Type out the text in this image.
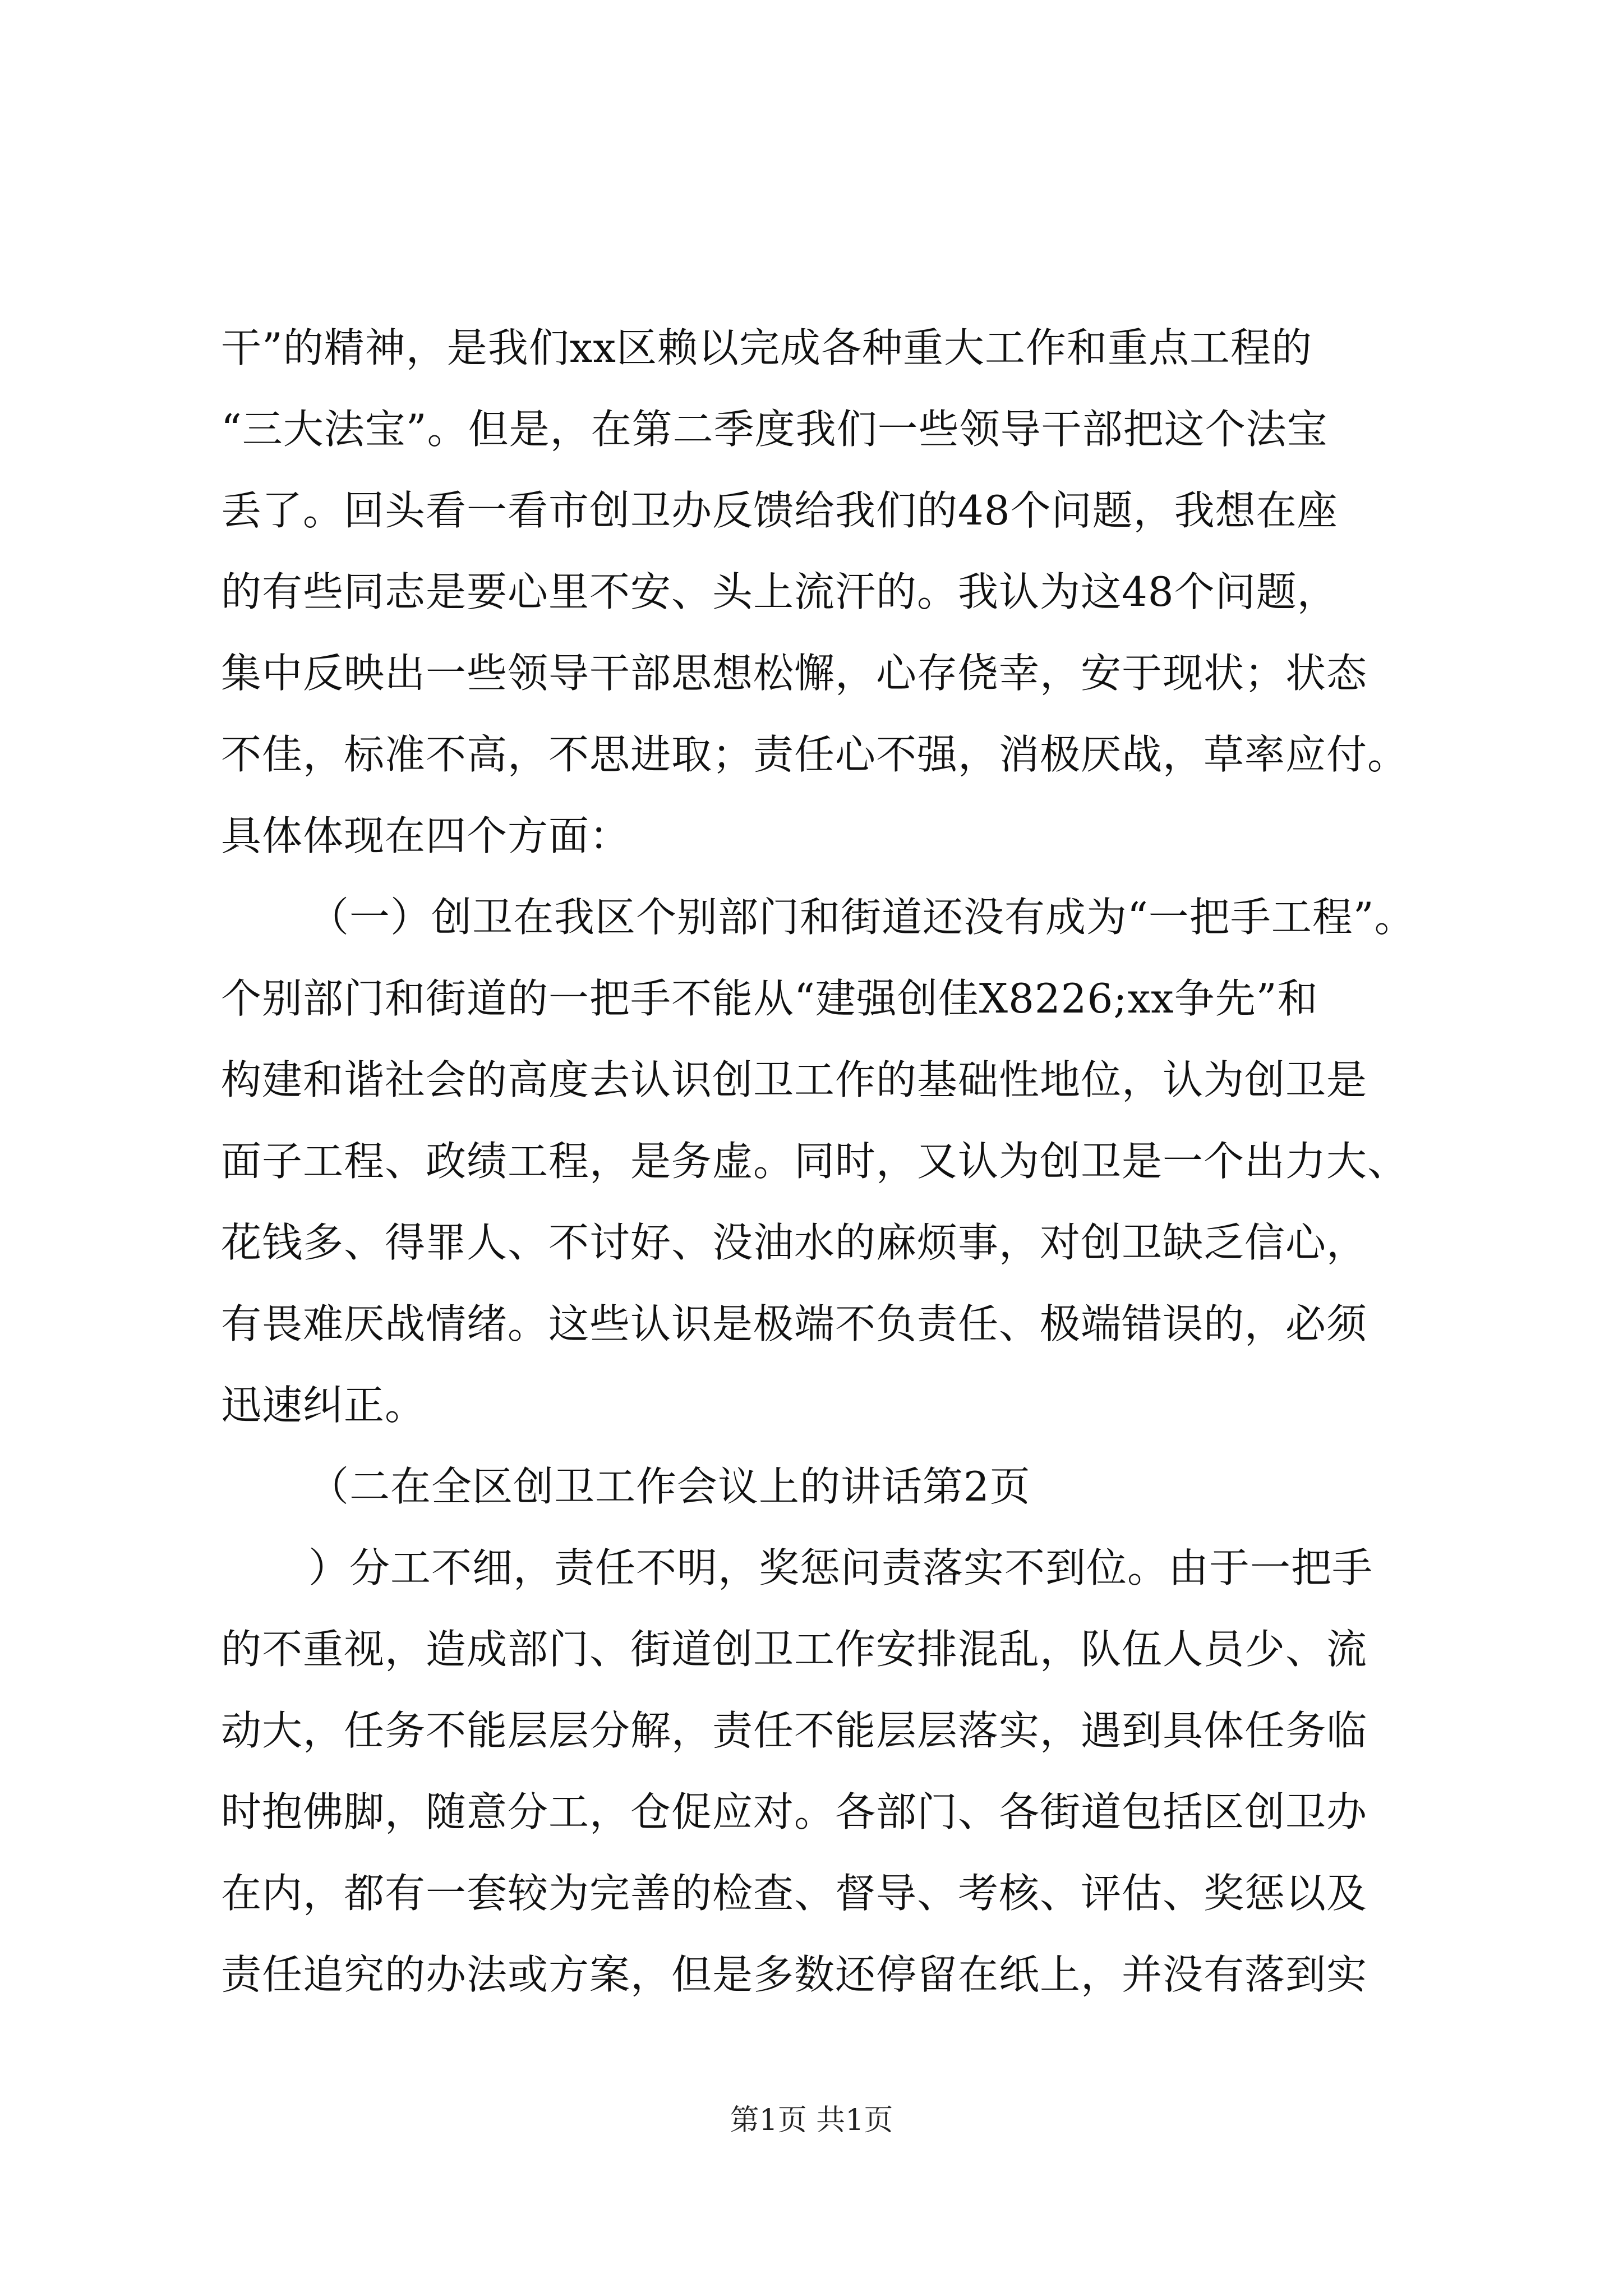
干”的精神，是我们xx区赖以完成各种重大工作和重点工程的
“三大法宝”。但是，在第二季度我们一些领导干部把这个法宝
丢了。回头看一看市创卫办反馈给我们的48个问题，我想在座
的有些同志是要心里不安、头上流汗的。我认为这48个问题，
集中反映出一些领导干部思想松懈，心存侥幸，安于现状；状态
不佳，标准不高，不思进取；责任心不强，消极厌战，草率应付。
具体体现在四个方面：
（一）创卫在我区个别部门和街道还没有成为“一把手工程”。
个别部门和街道的一把手不能从“建强创佳X8226;xx争先”和
构建和谐社会的高度去认识创卫工作的基础性地位，认为创卫是
面子工程、政绩工程，是务虚。同时，又认为创卫是一个出力大、
花钱多、得罪人、不讨好、没油水的麻烦事，对创卫缺乏信心，
有畏难厌战情绪。这些认识是极端不负责任、极端错误的，必须
迅速纠正。
（二在全区创卫工作会议上的讲话第2页
）分工不细，责任不明，奖惩问责落实不到位。由于一把手
的不重视，造成部门、街道创卫工作安排混乱，队伍人员少、流
动大，任务不能层层分解，责任不能层层落实，遇到具体任务临
时抱佛脚，随意分工，仓促应对。各部门、各街道包括区创卫办
在内，都有一套较为完善的检查、督导、考核、评估、奖惩以及
责任追究的办法或方案，但是多数还停留在纸上，并没有落到实
第1页 共1页
